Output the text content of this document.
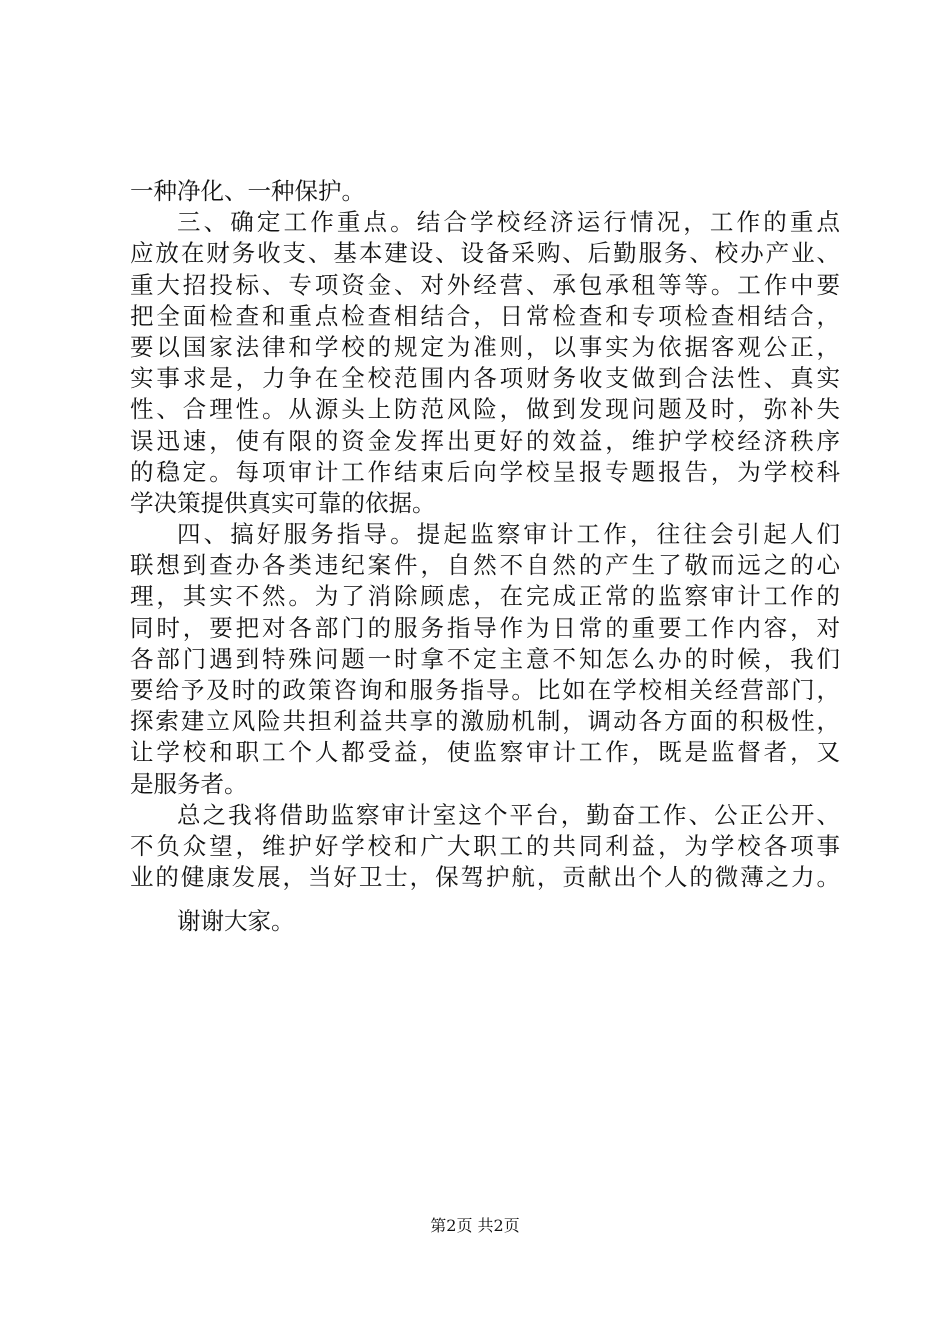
一种净化、一种保护。
三、确定工作重点。结合学校经济运行情况，工作的重点
应放在财务收支、基本建设、设备采购、后勤服务、校办产业、
重大招投标、专项资金、对外经营、承包承租等等。工作中要
把全面检查和重点检查相结合，日常检查和专项检查相结合，
要以国家法律和学校的规定为准则，以事实为依据客观公正，
实事求是，力争在全校范围内各项财务收支做到合法性、真实
性、合理性。从源头上防范风险，做到发现问题及时，弥补失
误迅速，使有限的资金发挥出更好的效益，维护学校经济秩序
的稳定。每项审计工作结束后向学校呈报专题报告，为学校科
学决策提供真实可靠的依据。
四、搞好服务指导。提起监察审计工作，往往会引起人们
联想到查办各类违纪案件，自然不自然的产生了敬而远之的心
理，其实不然。为了消除顾虑，在完成正常的监察审计工作的
同时，要把对各部门的服务指导作为日常的重要工作内容，对
各部门遇到特殊问题一时拿不定主意不知怎么办的时候，我们
要给予及时的政策咨询和服务指导。比如在学校相关经营部门，
探索建立风险共担利益共享的激励机制，调动各方面的积极性，
让学校和职工个人都受益，使监察审计工作，既是监督者，又
是服务者。
总之我将借助监察审计室这个平台，勤奋工作、公正公开、
不负众望，维护好学校和广大职工的共同利益，为学校各项事
业的健康发展，当好卫士，保驾护航，贡献出个人的微薄之力。
谢谢大家。
第2页 共2页
